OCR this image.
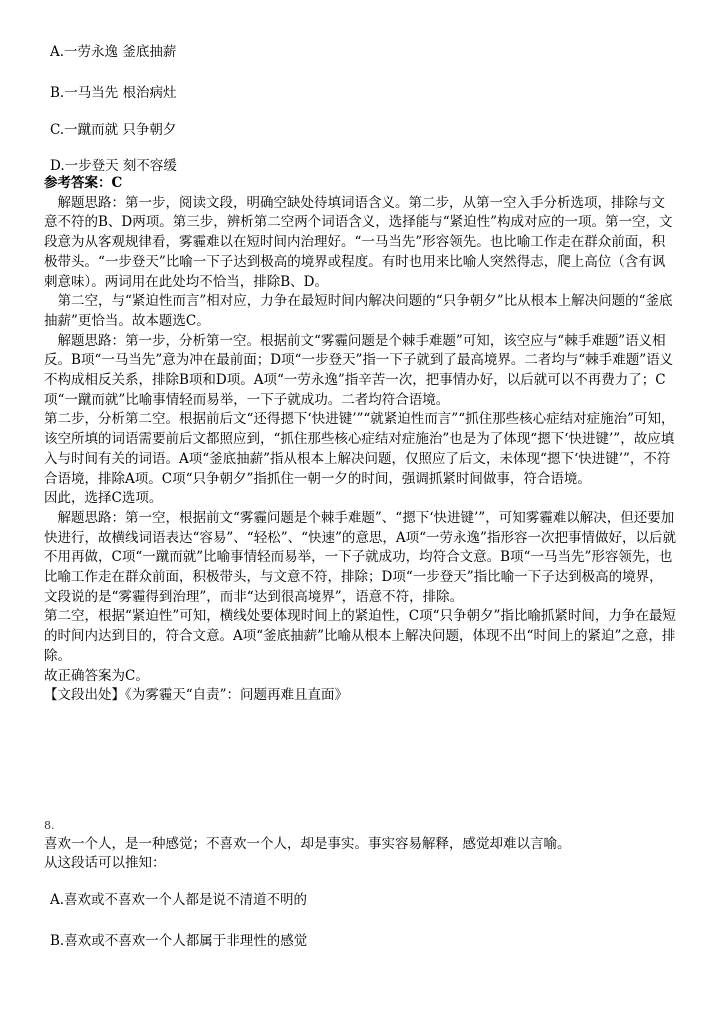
A.一劳永逸 釜底抽薪
B.一马当先 根治病灶
C.一蹴而就 只争朝夕
D.一步登天 刻不容缓

参考答案：C

　解题思路：第一步，阅读文段，明确空缺处待填词语含义。第二步，从第一空入手分析选项，排除与文意不符的B、D两项。第三步，辨析第二空两个词语含义，选择能与“紧迫性”构成对应的一项。第一空，文段意为从客观规律看，雾霾难以在短时间内治理好。“一马当先”形容领先。也比喻工作走在群众前面，积极带头。“一步登天”比喻一下子达到极高的境界或程度。有时也用来比喻人突然得志，爬上高位（含有讽刺意味）。两词用在此处均不恰当，排除B、D。

　第二空，与“紧迫性而言”相对应，力争在最短时间内解决问题的“只争朝夕”比从根本上解决问题的“釜底抽薪”更恰当。故本题选C。

　解题思路：第一步，分析第一空。根据前文“雾霾问题是个棘手难题”可知，该空应与“棘手难题”语义相反。B项“一马当先”意为冲在最前面；D项“一步登天”指一下子就到了最高境界。二者均与“棘手难题”语义不构成相反关系，排除B项和D项。A项“一劳永逸”指辛苦一次，把事情办好，以后就可以不再费力了；C项“一蹴而就”比喻事情轻而易举，一下子就成功。二者均符合语境。

第二步，分析第二空。根据前后文“还得摁下‘快进键’”“就紧迫性而言”“抓住那些核心症结对症施治”可知，该空所填的词语需要前后文都照应到，“抓住那些核心症结对症施治”也是为了体现“摁下‘快进键’”，故应填入与时间有关的词语。A项“釜底抽薪”指从根本上解决问题，仅照应了后文，未体现“摁下‘快进键’”，不符合语境，排除A项。C项“只争朝夕”指抓住一朝一夕的时间，强调抓紧时间做事，符合语境。

因此，选择C选项。

　解题思路：第一空，根据前文“雾霾问题是个棘手难题”、“摁下‘快进键’”，可知雾霾难以解决，但还要加快进行，故横线词语表达“容易”、“轻松”、“快速”的意思，A项“一劳永逸”指形容一次把事情做好，以后就不用再做，C项“一蹴而就”比喻事情轻而易举，一下子就成功，均符合文意。B项“一马当先”形容领先，也比喻工作走在群众前面，积极带头，与文意不符，排除；D项“一步登天”指比喻一下子达到极高的境界，文段说的是“雾霾得到治理”，而非“达到很高境界”，语意不符，排除。

第二空，根据“紧迫性”可知，横线处要体现时间上的紧迫性，C项“只争朝夕”指比喻抓紧时间，力争在最短的时间内达到目的，符合文意。A项“釜底抽薪”比喻从根本上解决问题，体现不出“时间上的紧迫”之意，排除。

故正确答案为C。

【文段出处】《为雾霾天“自责”：问题再难且直面》

8.

喜欢一个人，是一种感觉；不喜欢一个人，却是事实。事实容易解释，感觉却难以言喻。

从这段话可以推知：

A.喜欢或不喜欢一个人都是说不清道不明的
B.喜欢或不喜欢一个人都属于非理性的感觉
